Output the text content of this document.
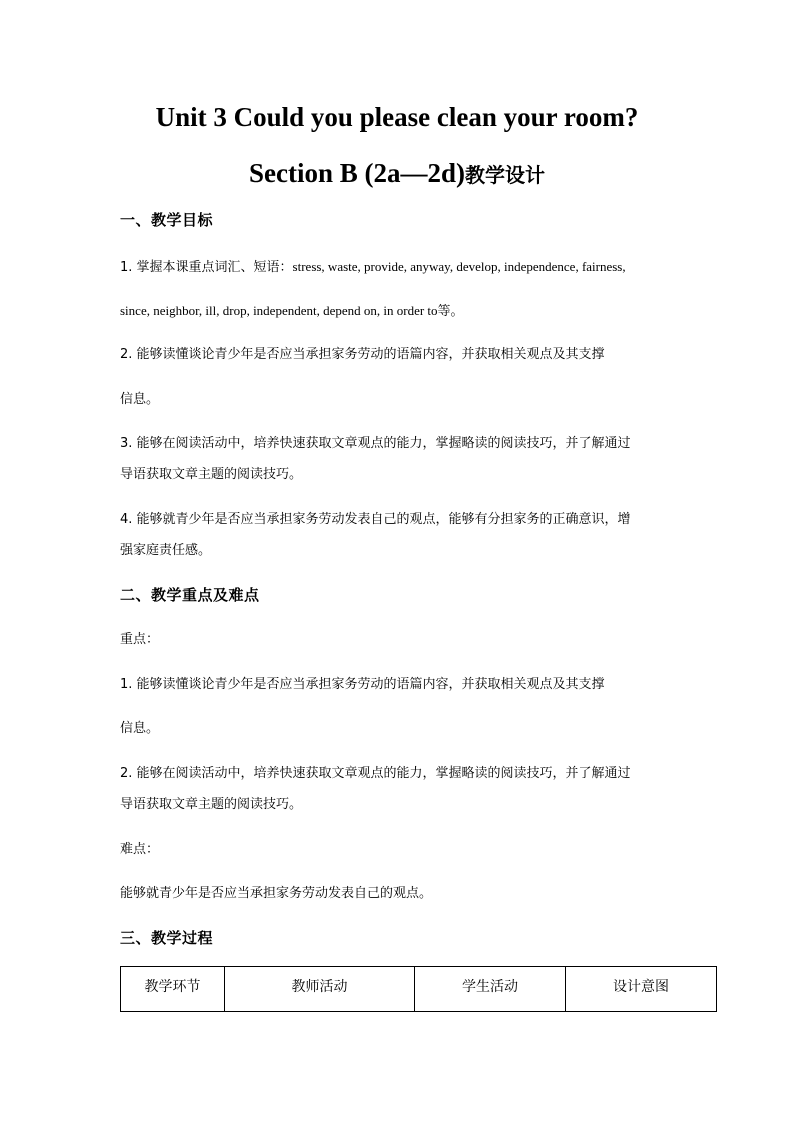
Unit 3 Could you please clean your room?
Section B (2a—2d)教学设计
一、教学目标
1. 掌握本课重点词汇、短语：stress, waste, provide, anyway, develop, independence, fairness,
since, neighbor, ill, drop, independent, depend on, in order to等。
2. 能够读懂谈论青少年是否应当承担家务劳动的语篇内容，并获取相关观点及其支撑
信息。
3. 能够在阅读活动中，培养快速获取文章观点的能力，掌握略读的阅读技巧，并了解通过
导语获取文章主题的阅读技巧。
4. 能够就青少年是否应当承担家务劳动发表自己的观点，能够有分担家务的正确意识，增
强家庭责任感。
二、教学重点及难点
重点：
1. 能够读懂谈论青少年是否应当承担家务劳动的语篇内容，并获取相关观点及其支撑
信息。
2. 能够在阅读活动中，培养快速获取文章观点的能力，掌握略读的阅读技巧，并了解通过
导语获取文章主题的阅读技巧。
难点：
能够就青少年是否应当承担家务劳动发表自己的观点。
三、教学过程
教学环节	教师活动	学生活动	设计意图
